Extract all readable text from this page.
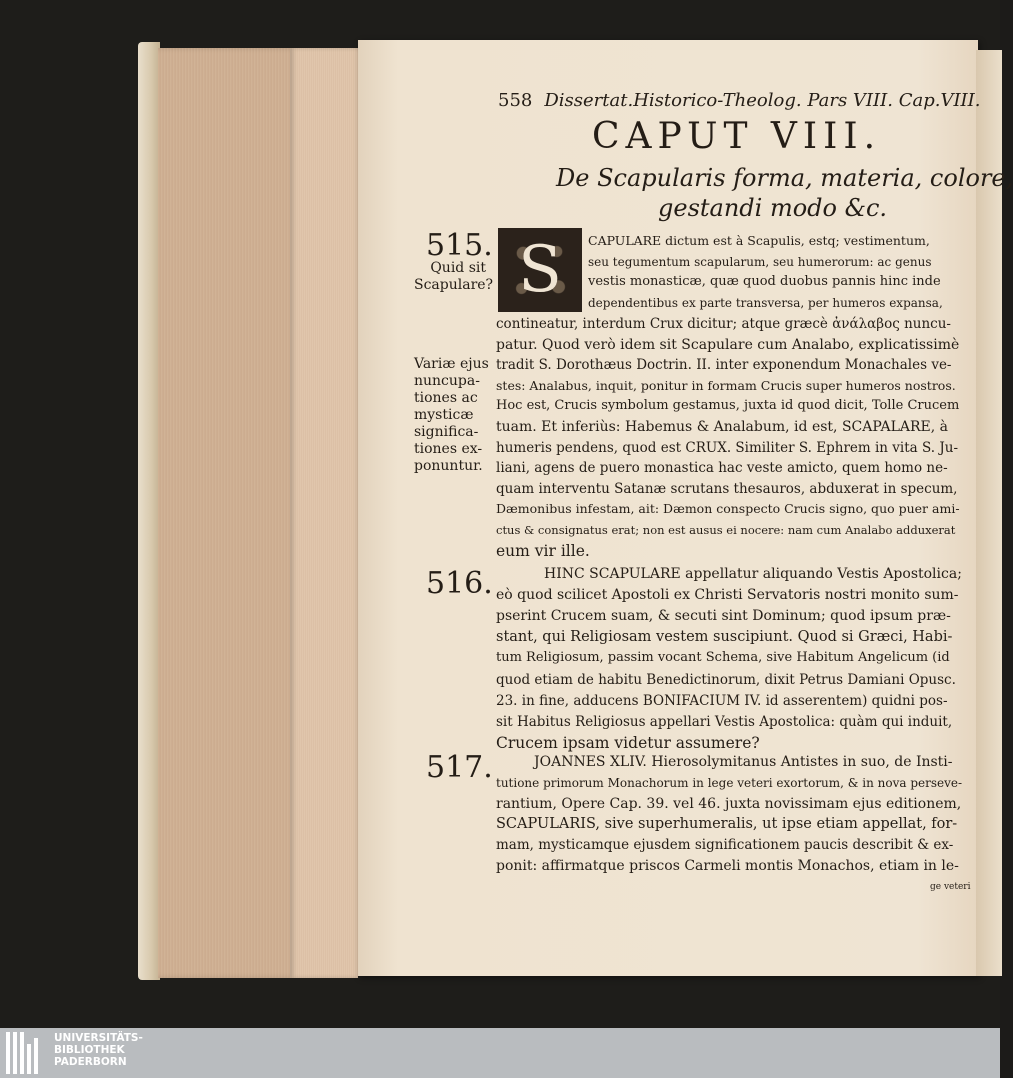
558 Dissertat.Historico-Theolog. Pars VIII. Cap.VIII.
CAPUT VIII.
De Scapularis forma, materia, colore,
gestandi modo &c.
515.
516.
517.
Quid sit
Scapulare?
Variæ ejus
nuncupa-
tiones ac
mysticæ
significa-
tiones ex-
ponuntur.
S CAPULARE dictum est à Scapulis, estq; vestimentum,
seu tegumentum scapularum, seu humerorum: ac genus
vestis monasticæ, quæ quod duobus pannis hinc inde
dependentibus ex parte transversa, per humeros expansa,
contineatur, interdum Crux dicitur; atque græcè ἀνάλαβος nuncu-
patur. Quod verò idem sit Scapulare cum Analabo, explicatissimè
tradit S. Dorothæus Doctrin. II. inter exponendum Monachales ve-
stes: Analabus, inquit, ponitur in formam Crucis super humeros nostros.
Hoc est, Crucis symbolum gestamus, juxta id quod dicit, Tolle Crucem
tuam. Et inferiùs: Habemus & Analabum, id est, SCAPALARE, à
humeris pendens, quod est CRUX. Similiter S. Ephrem in vita S. Ju-
liani, agens de puero monastica hac veste amicto, quem homo ne-
quam interventu Satanæ scrutans thesauros, abduxerat in specum,
Dæmonibus infestam, ait: Dæmon conspecto Crucis signo, quo puer ami-
ctus & consignatus erat; non est ausus ei nocere: nam cum Analabo adduxerat
eum vir ille.
HINC SCAPULARE appellatur aliquando Vestis Apostolica;
eò quod scilicet Apostoli ex Christi Servatoris nostri monito sum-
pserint Crucem suam, & secuti sint Dominum; quod ipsum præ-
stant, qui Religiosam vestem suscipiunt. Quod si Græci, Habi-
tum Religiosum, passim vocant Schema, sive Habitum Angelicum (id
quod etiam de habitu Benedictinorum, dixit Petrus Damiani Opusc.
23. in fine, adducens BONIFACIUM IV. id asserentem) quidni pos-
sit Habitus Religiosus appellari Vestis Apostolica: quàm qui induit,
Crucem ipsam videtur assumere?
JOANNES XLIV. Hierosolymitanus Antistes in suo, de Insti-
tutione primorum Monachorum in lege veteri exortorum, & in nova perseve-
rantium, Opere Cap. 39. vel 46. juxta novissimam ejus editionem,
SCAPULARIS, sive superhumeralis, ut ipse etiam appellat, for-
mam, mysticamque ejusdem significationem paucis describit & ex-
ponit: affirmatque priscos Carmeli montis Monachos, etiam in le-
ge veteri
UNIVERSITÄTS-
BIBLIOTHEK
PADERBORN
